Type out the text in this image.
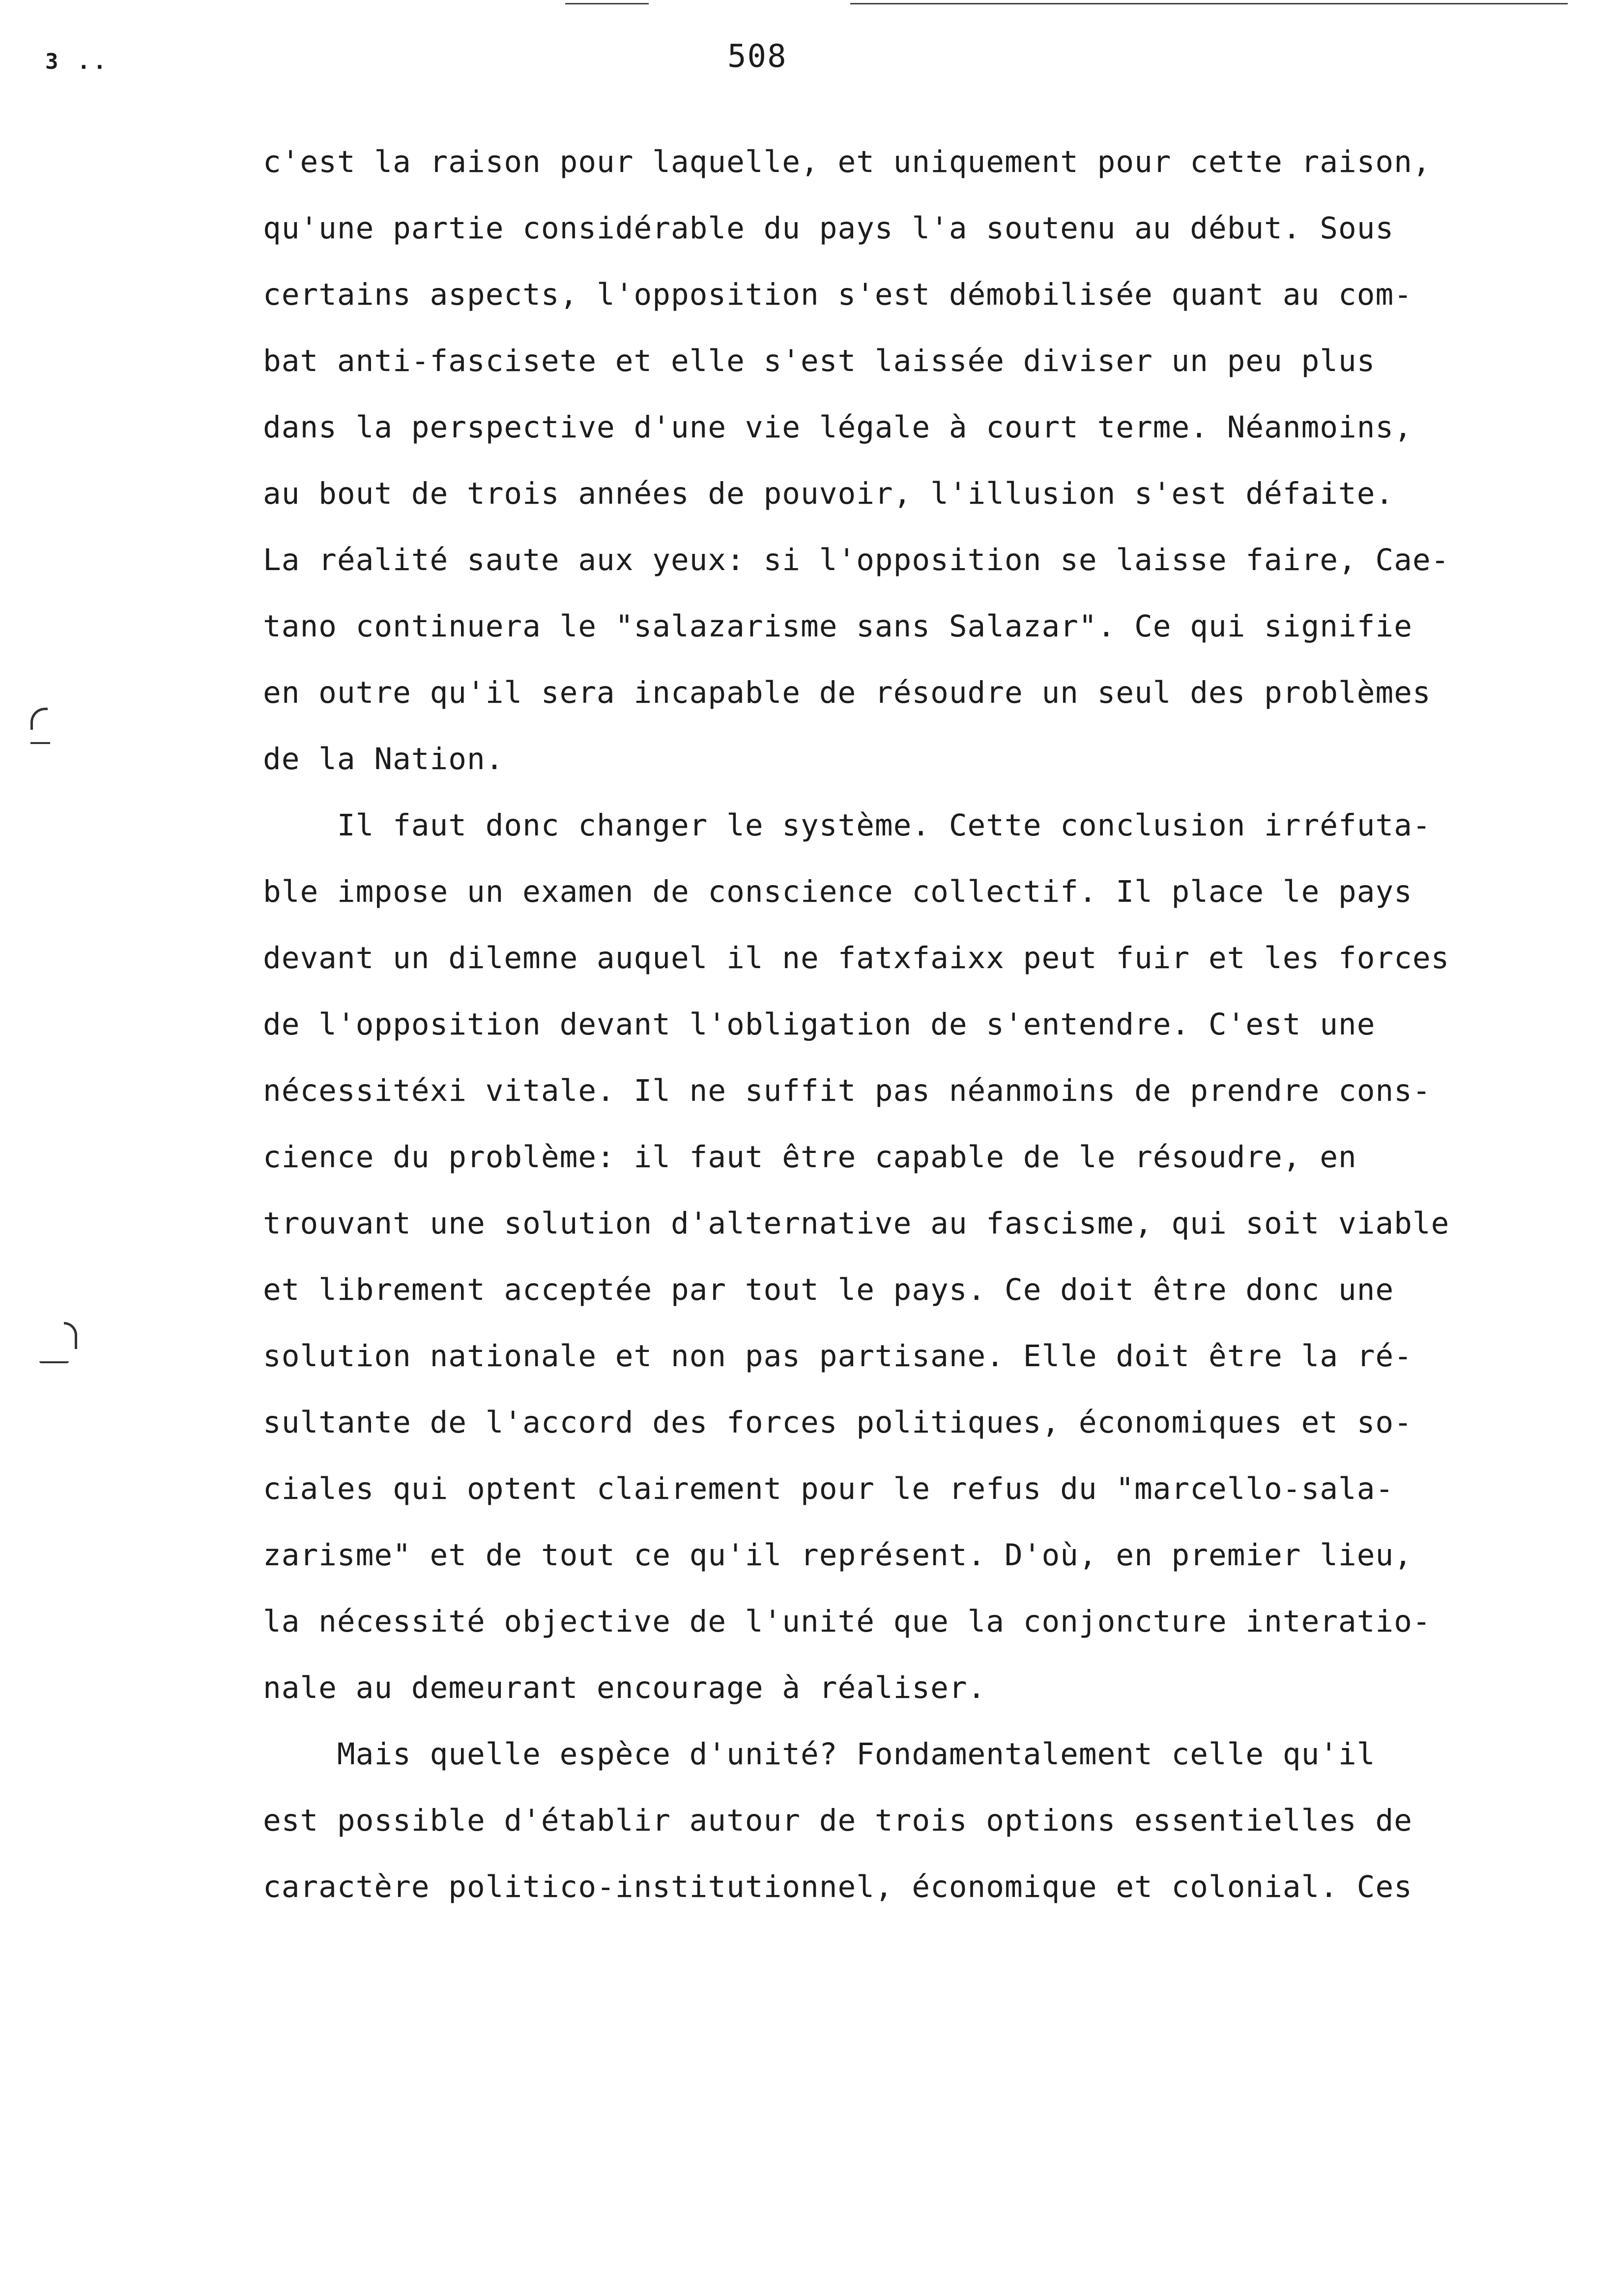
3 ..	508
c'est la raison pour laquelle, et uniquement pour cette raison,
qu'une partie considérable du pays l'a soutenu au début. Sous
certains aspects, l'opposition s'est démobilisée quant au com-
bat anti-fascisete et elle s'est laissée diviser un peu plus
dans la perspective d'une vie légale à court terme. Néanmoins,
au bout de trois années de pouvoir, l'illusion s'est défaite.
La réalité saute aux yeux: si l'opposition se laisse faire, Cae-
tano continuera le "salazarisme sans Salazar". Ce qui signifie
en outre qu'il sera incapable de résoudre un seul des problèmes
de la Nation.
Il faut donc changer le système. Cette conclusion irréfuta-
ble impose un examen de conscience collectif. Il place le pays
devant un dilemne auquel il ne fatxfaixx peut fuir et les forces
de l'opposition devant l'obligation de s'entendre. C'est une
nécessitéxi vitale. Il ne suffit pas néanmoins de prendre cons-
cience du problème: il faut être capable de le résoudre, en
trouvant une solution d'alternative au fascisme, qui soit viable
et librement acceptée par tout le pays. Ce doit être donc une
solution nationale et non pas partisane. Elle doit être la ré-
sultante de l'accord des forces politiques, économiques et so-
ciales qui optent clairement pour le refus du "marcello-sala-
zarisme" et de tout ce qu'il représent. D'où, en premier lieu,
la nécessité objective de l'unité que la conjoncture interatio-
nale au demeurant encourage à réaliser.
Mais quelle espèce d'unité? Fondamentalement celle qu'il
est possible d'établir autour de trois options essentielles de
caractère politico-institutionnel, économique et colonial. Ces
